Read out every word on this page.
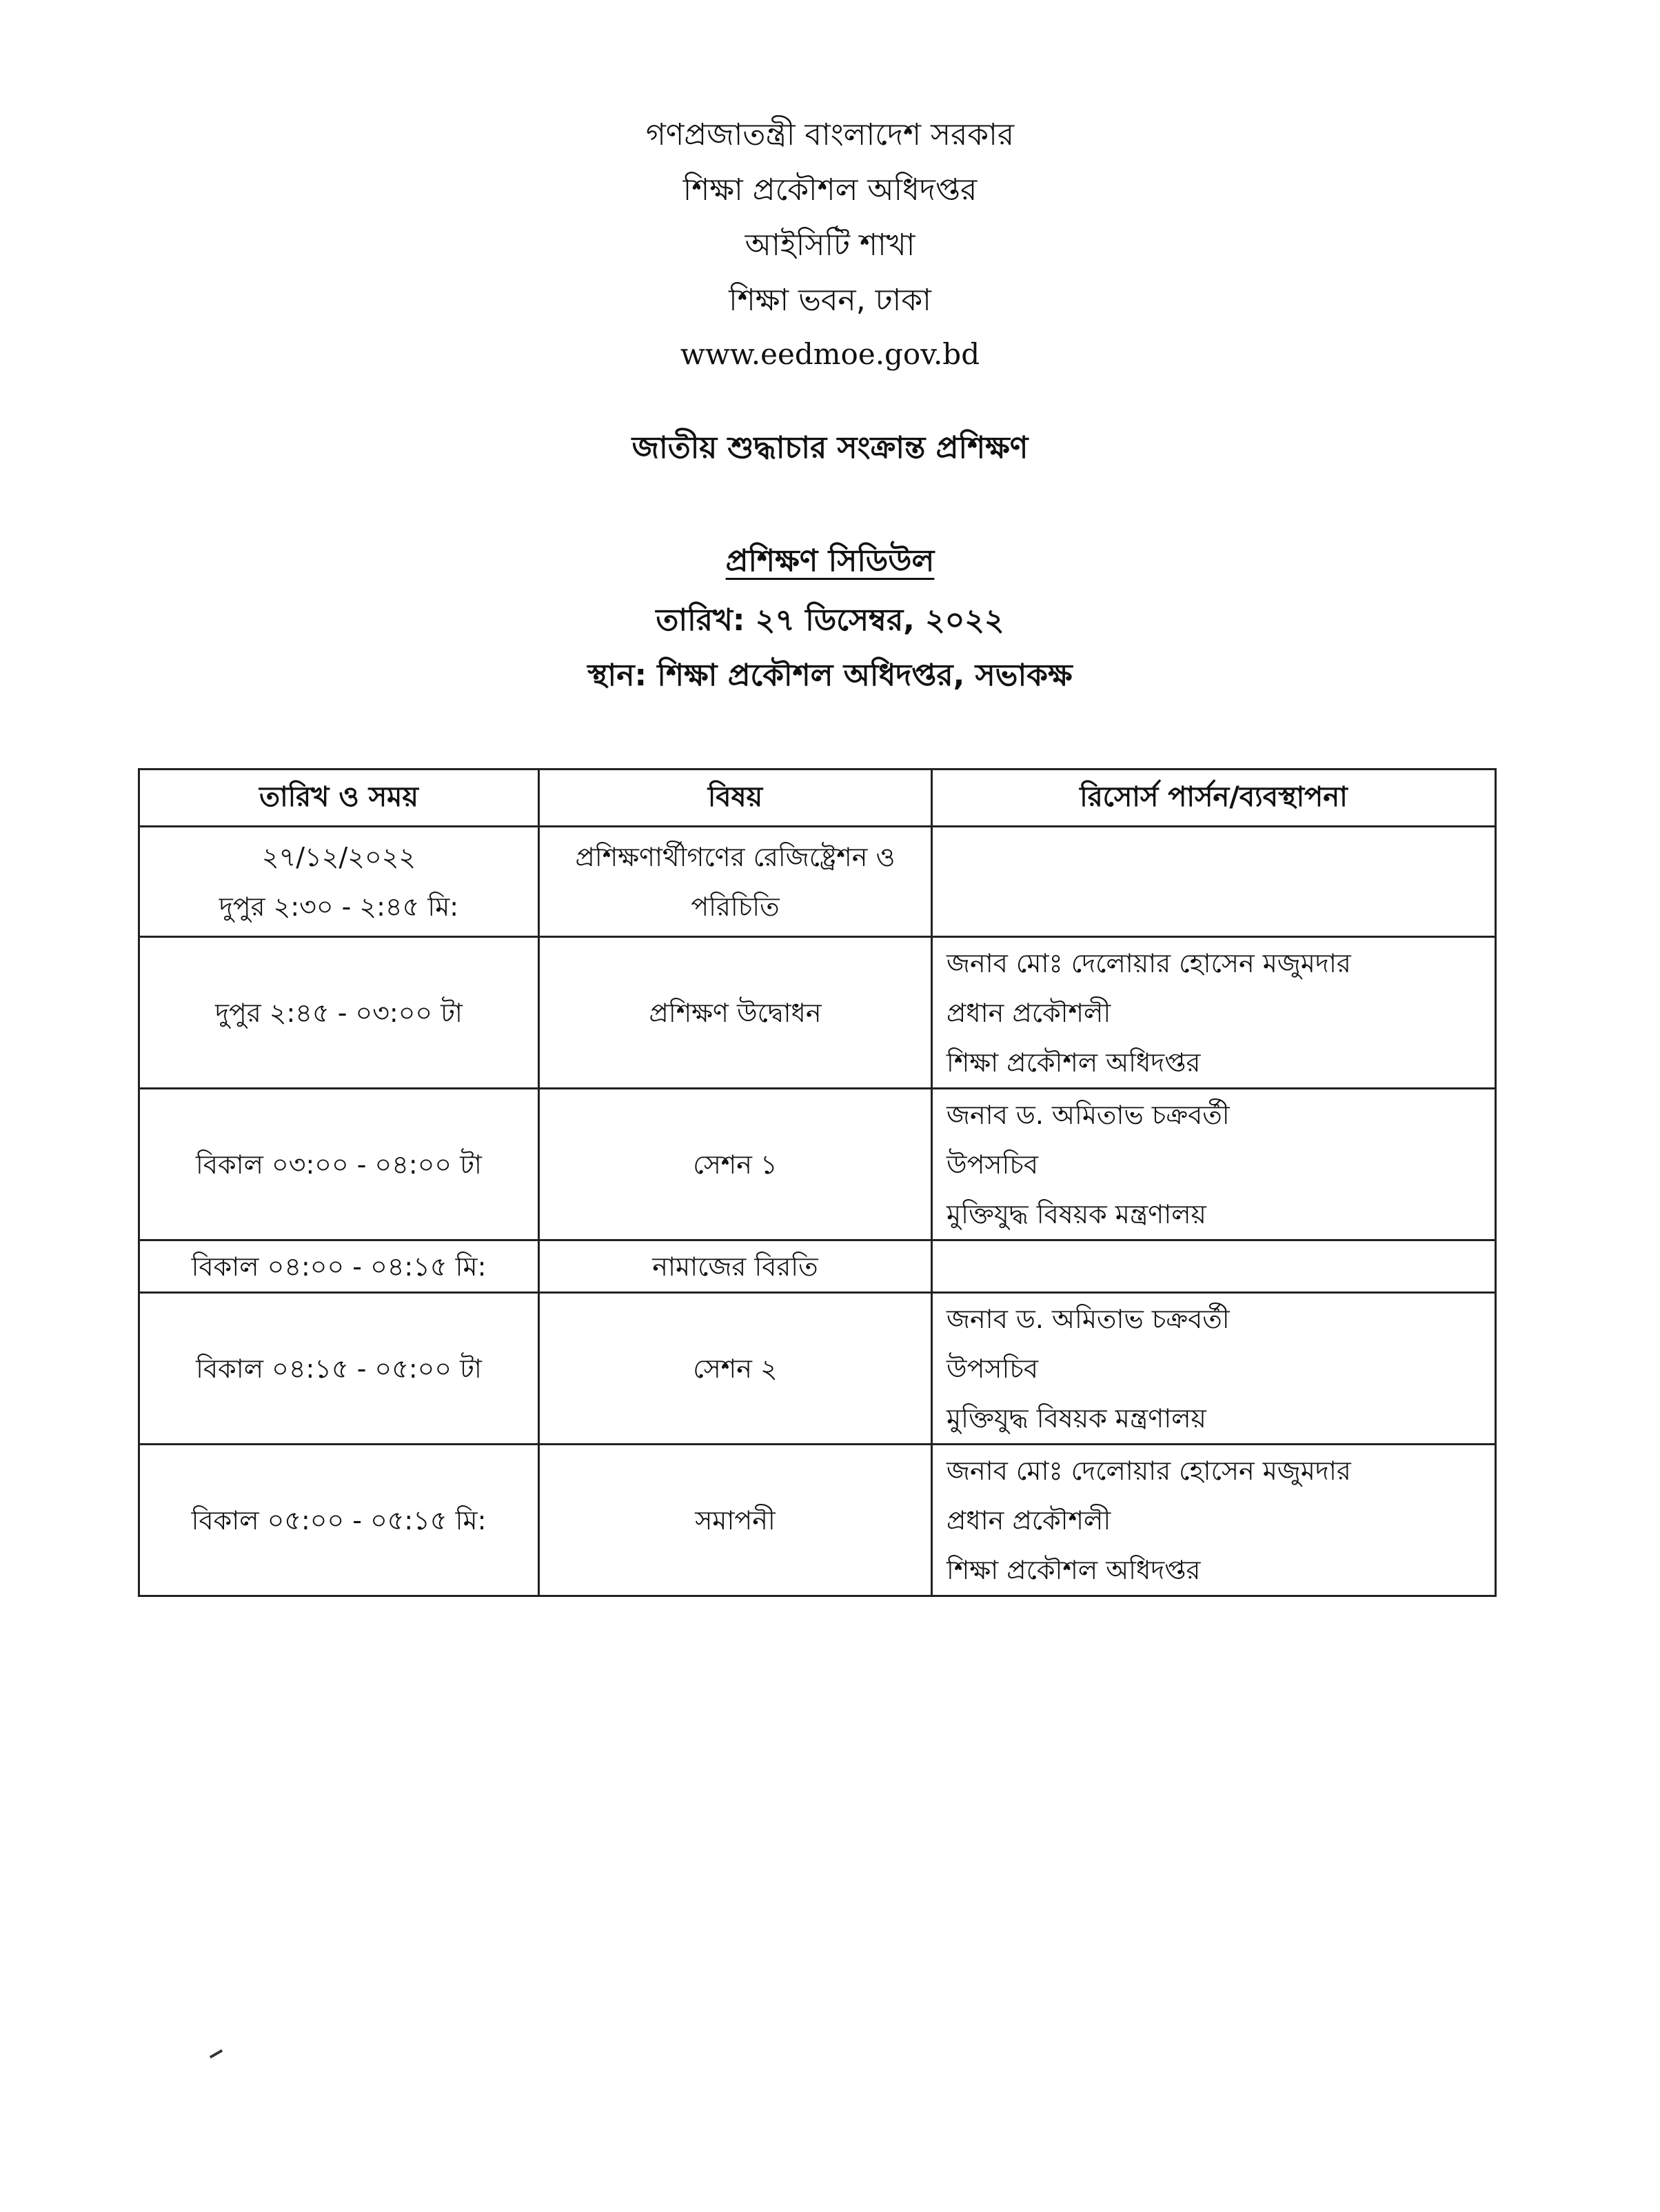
গণপ্রজাতন্ত্রী বাংলাদেশ সরকার

শিক্ষা প্রকৌশল অধিদপ্তর

আইসিটি শাখা

শিক্ষা ভবন, ঢাকা

www.eedmoe.gov.bd

জাতীয় শুদ্ধাচার সংক্রান্ত প্রশিক্ষণ

প্রশিক্ষণ সিডিউল

তারিখ: ২৭ ডিসেম্বর, ২০২২

স্থান: শিক্ষা প্রকৌশল অধিদপ্তর, সভাকক্ষ

তারিখ ও সময়	বিষয়	রিসোর্স পার্সন/ব্যবস্থাপনা

২৭/১২/২০২২
দুপুর ২:৩০ - ২:৪৫ মি:	প্রশিক্ষণার্থীগণের রেজিষ্ট্রেশন ও
পরিচিতি	

দুপুর ২:৪৫ - ০৩:০০ টা	প্রশিক্ষণ উদ্বোধন	জনাব মোঃ দেলোয়ার হোসেন মজুমদার
প্রধান প্রকৌশলী
শিক্ষা প্রকৌশল অধিদপ্তর

বিকাল ০৩:০০ - ০৪:০০ টা	সেশন ১	জনাব ড. অমিতাভ চক্রবর্তী
উপসচিব
মুক্তিযুদ্ধ বিষয়ক মন্ত্রণালয়

বিকাল ০৪:০০ - ০৪:১৫ মি:	নামাজের বিরতি	

বিকাল ০৪:১৫ - ০৫:০০ টা	সেশন ২	জনাব ড. অমিতাভ চক্রবর্তী
উপসচিব
মুক্তিযুদ্ধ বিষয়ক মন্ত্রণালয়

বিকাল ০৫:০০ - ০৫:১৫ মি:	সমাপনী	জনাব মোঃ দেলোয়ার হোসেন মজুমদার
প্রধান প্রকৌশলী
শিক্ষা প্রকৌশল অধিদপ্তর
